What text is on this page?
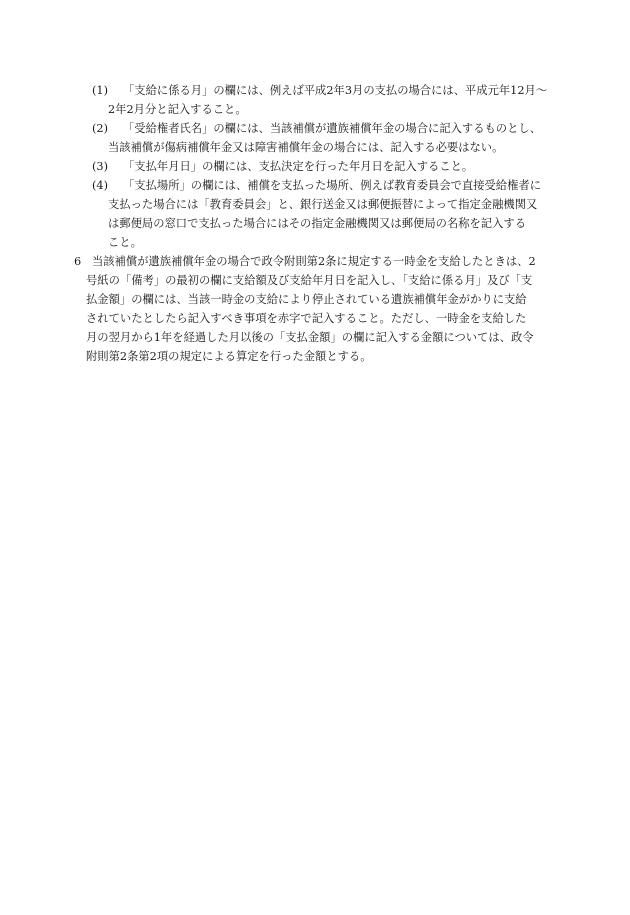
(1) 「支給に係る月」の欄には、例えば平成2年3月の支払の場合には、平成元年12月～
2年2月分と記入すること。
(2) 「受給権者氏名」の欄には、当該補償が遺族補償年金の場合に記入するものとし、
当該補償が傷病補償年金又は障害補償年金の場合には、記入する必要はない。
(3) 「支払年月日」の欄には、支払決定を行った年月日を記入すること。
(4) 「支払場所」の欄には、補償を支払った場所、例えば教育委員会で直接受給権者に
支払った場合には「教育委員会」と、銀行送金又は郵便振替によって指定金融機関又
は郵便局の窓口で支払った場合にはその指定金融機関又は郵便局の名称を記入する
こと。
6 当該補償が遺族補償年金の場合で政令附則第2条に規定する一時金を支給したときは、2
号紙の「備考」の最初の欄に支給額及び支給年月日を記入し、「支給に係る月」及び「支
払金額」の欄には、当該一時金の支給により停止されている遺族補償年金がかりに支給
されていたとしたら記入すべき事項を赤字で記入すること。ただし、一時金を支給した
月の翌月から1年を経過した月以後の「支払金額」の欄に記入する金額については、政令
附則第2条第2項の規定による算定を行った金額とする。
